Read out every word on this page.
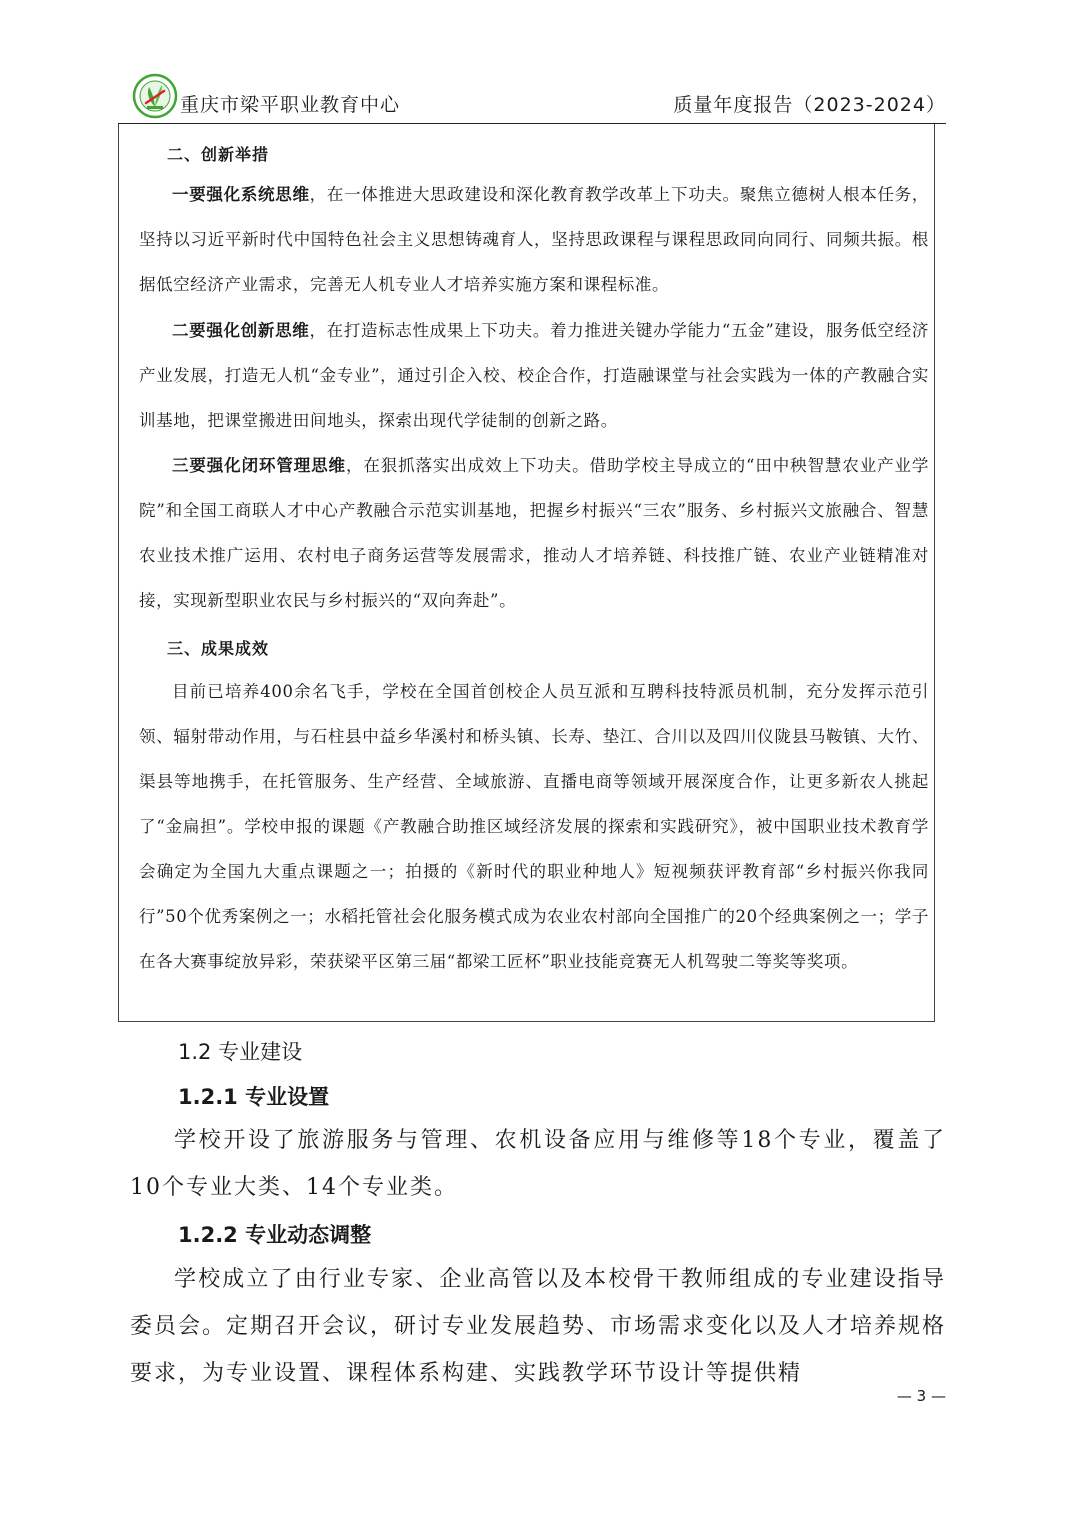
重庆市梁平职业教育中心	质量年度报告（2023-2024）
二、创新举措

一要强化系统思维，在一体推进大思政建设和深化教育教学改革上下功夫。聚焦立德树人根本任务，坚持以习近平新时代中国特色社会主义思想铸魂育人，坚持思政课程与课程思政同向同行、同频共振。根据低空经济产业需求，完善无人机专业人才培养实施方案和课程标准。

二要强化创新思维，在打造标志性成果上下功夫。着力推进关键办学能力“五金”建设，服务低空经济产业发展，打造无人机“金专业”，通过引企入校、校企合作，打造融课堂与社会实践为一体的产教融合实训基地，把课堂搬进田间地头，探索出现代学徒制的创新之路。

三要强化闭环管理思维，在狠抓落实出成效上下功夫。借助学校主导成立的“田中秧智慧农业产业学院”和全国工商联人才中心产教融合示范实训基地，把握乡村振兴“三农”服务、乡村振兴文旅融合、智慧农业技术推广运用、农村电子商务运营等发展需求，推动人才培养链、科技推广链、农业产业链精准对接，实现新型职业农民与乡村振兴的“双向奔赴”。

三、成果成效

目前已培养400余名飞手，学校在全国首创校企人员互派和互聘科技特派员机制，充分发挥示范引领、辐射带动作用，与石柱县中益乡华溪村和桥头镇、长寿、垫江、合川以及四川仪陇县马鞍镇、大竹、渠县等地携手，在托管服务、生产经营、全域旅游、直播电商等领域开展深度合作，让更多新农人挑起了“金扁担”。学校申报的课题《产教融合助推区域经济发展的探索和实践研究》，被中国职业技术教育学会确定为全国九大重点课题之一；拍摄的《新时代的职业种地人》短视频获评教育部“乡村振兴你我同行”50个优秀案例之一；水稻托管社会化服务模式成为农业农村部向全国推广的20个经典案例之一；学子在各大赛事绽放异彩，荣获梁平区第三届“都梁工匠杯”职业技能竞赛无人机驾驶二等奖等奖项。

1.2 专业建设
1.2.1 专业设置

学校开设了旅游服务与管理、农机设备应用与维修等18个专业，覆盖了10个专业大类、14个专业类。

1.2.2 专业动态调整

学校成立了由行业专家、企业高管以及本校骨干教师组成的专业建设指导委员会。定期召开会议，研讨专业发展趋势、市场需求变化以及人才培养规格要求，为专业设置、课程体系构建、实践教学环节设计等提供精

— 3 —
